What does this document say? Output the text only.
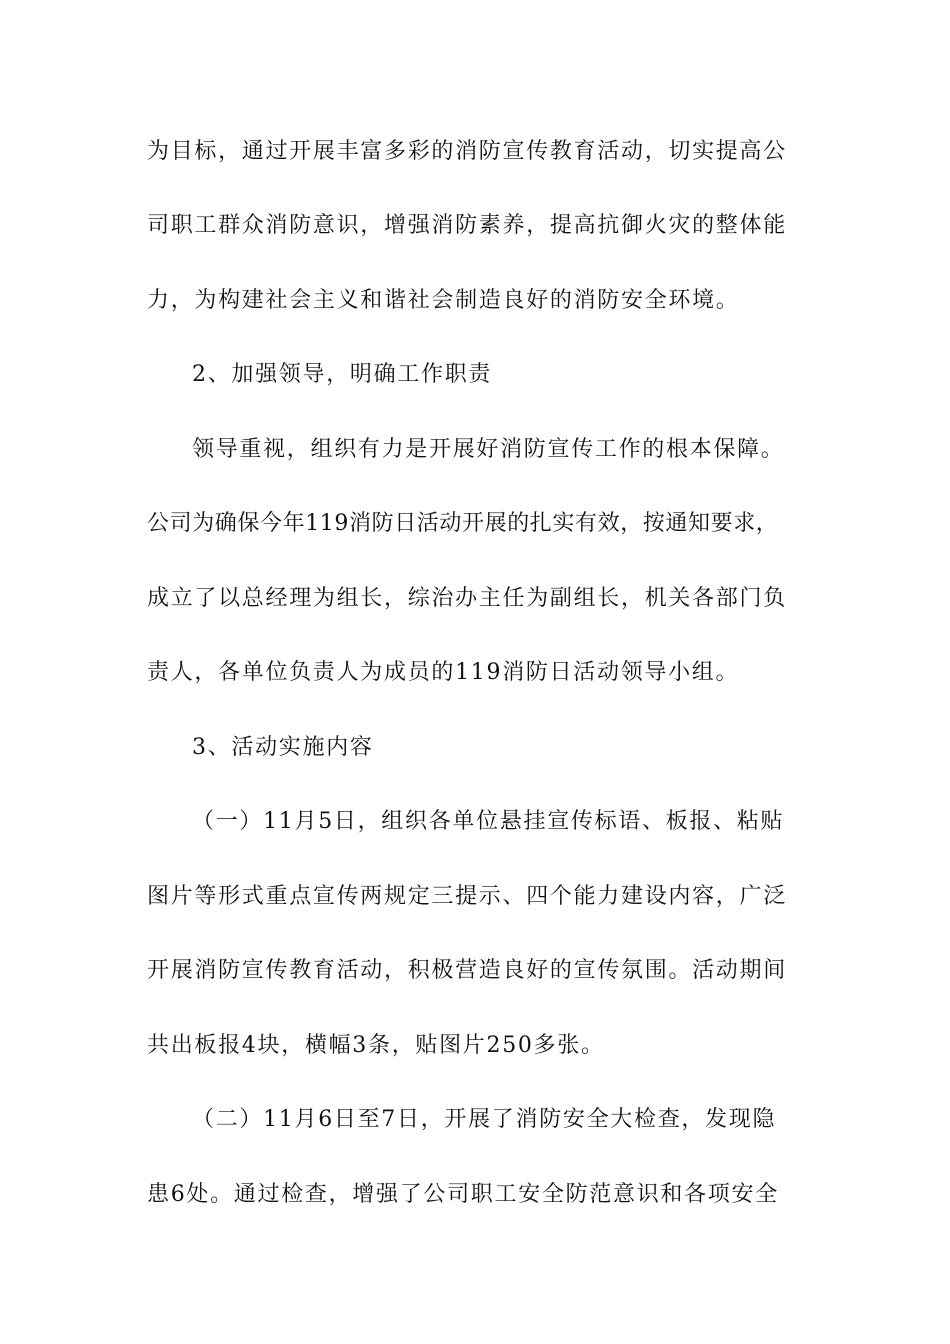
为目标，通过开展丰富多彩的消防宣传教育活动，切实提高公
司职工群众消防意识，增强消防素养，提高抗御火灾的整体能
力，为构建社会主义和谐社会制造良好的消防安全环境。
2、加强领导，明确工作职责
领导重视，组织有力是开展好消防宣传工作的根本保障。
公司为确保今年119消防日活动开展的扎实有效，按通知要求，
成立了以总经理为组长，综治办主任为副组长，机关各部门负
责人，各单位负责人为成员的119消防日活动领导小组。
3、活动实施内容
（一）11月5日，组织各单位悬挂宣传标语、板报、粘贴
图片等形式重点宣传两规定三提示、四个能力建设内容，广泛
开展消防宣传教育活动，积极营造良好的宣传氛围。活动期间
共出板报4块，横幅3条，贴图片250多张。
（二）11月6日至7日，开展了消防安全大检查，发现隐
患6处。通过检查，增强了公司职工安全防范意识和各项安全
